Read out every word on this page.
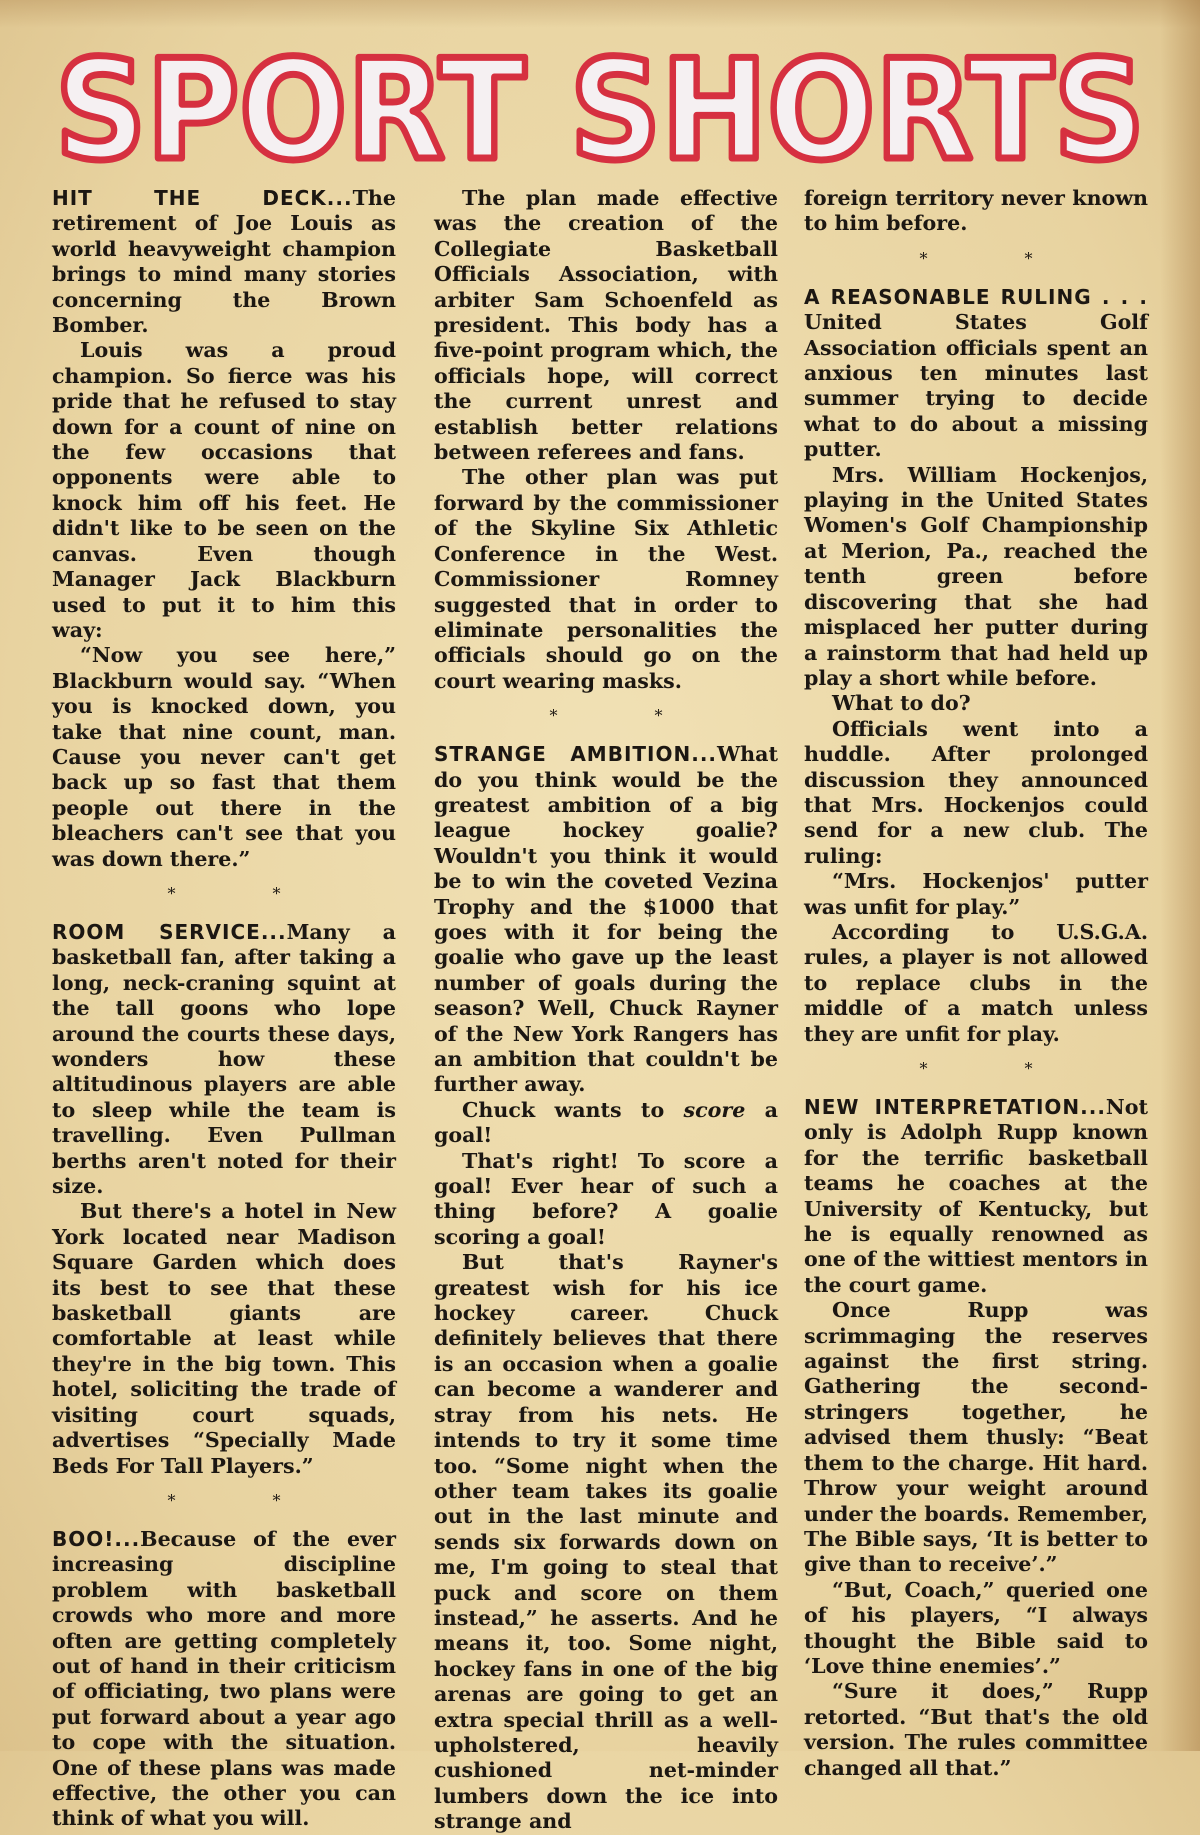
SPORT SHORTS

HIT THE DECK...The retirement of Joe Louis as world heavyweight champion brings to mind many stories concerning the Brown Bomber.

Louis was a proud champion. So fierce was his pride that he refused to stay down for a count of nine on the few occasions that opponents were able to knock him off his feet. He didn't like to be seen on the canvas. Even though Manager Jack Blackburn used to put it to him this way:

“Now you see here,” Blackburn would say. “When you is knocked down, you take that nine count, man. Cause you never can't get back up so fast that them people out there in the bleachers can't see that you was down there.”

* *

ROOM SERVICE...Many a basketball fan, after taking a long, neck-craning squint at the tall goons who lope around the courts these days, wonders how these altitudinous players are able to sleep while the team is travelling. Even Pullman berths aren't noted for their size.

But there's a hotel in New York located near Madison Square Garden which does its best to see that these basketball giants are comfortable at least while they're in the big town. This hotel, soliciting the trade of visiting court squads, advertises “Specially Made Beds For Tall Players.”

* *

BOO!...Because of the ever increasing discipline problem with basketball crowds who more and more often are getting completely out of hand in their criticism of officiating, two plans were put forward about a year ago to cope with the situation. One of these plans was made effective, the other you can think of what you will.

The plan made effective was the creation of the Collegiate Basketball Officials Association, with arbiter Sam Schoenfeld as president. This body has a five-point program which, the officials hope, will correct the current unrest and establish better relations between referees and fans.

The other plan was put forward by the commissioner of the Skyline Six Athletic Conference in the West. Commissioner Romney suggested that in order to eliminate personalities the officials should go on the court wearing masks.

* *

STRANGE AMBITION...What do you think would be the greatest ambition of a big league hockey goalie? Wouldn't you think it would be to win the coveted Vezina Trophy and the $1000 that goes with it for being the goalie who gave up the least number of goals during the season? Well, Chuck Rayner of the New York Rangers has an ambition that couldn't be further away.

Chuck wants to score a goal!

That's right! To score a goal! Ever hear of such a thing before? A goalie scoring a goal!

But that's Rayner's greatest wish for his ice hockey career. Chuck definitely believes that there is an occasion when a goalie can become a wanderer and stray from his nets. He intends to try it some time too. “Some night when the other team takes its goalie out in the last minute and sends six forwards down on me, I'm going to steal that puck and score on them instead,” he asserts. And he means it, too. Some night, hockey fans in one of the big arenas are going to get an extra special thrill as a well-upholstered, heavily cushioned net-minder lumbers down the ice into strange and

foreign territory never known to him before.

* *

A REASONABLE RULING . . . United States Golf Association officials spent an anxious ten minutes last summer trying to decide what to do about a missing putter.

Mrs. William Hockenjos, playing in the United States Women's Golf Championship at Merion, Pa., reached the tenth green before discovering that she had misplaced her putter during a rainstorm that had held up play a short while before.

What to do?

Officials went into a huddle. After prolonged discussion they announced that Mrs. Hockenjos could send for a new club. The ruling:

“Mrs. Hockenjos' putter was unfit for play.”

According to U.S.G.A. rules, a player is not allowed to replace clubs in the middle of a match unless they are unfit for play.

* *

NEW INTERPRETATION...Not only is Adolph Rupp known for the terrific basketball teams he coaches at the University of Kentucky, but he is equally renowned as one of the wittiest mentors in the court game.

Once Rupp was scrimmaging the reserves against the first string. Gathering the second-stringers together, he advised them thusly: “Beat them to the charge. Hit hard. Throw your weight around under the boards. Remember, The Bible says, ‘It is better to give than to receive’.”

“But, Coach,” queried one of his players, “I always thought the Bible said to ‘Love thine enemies’.”

“Sure it does,” Rupp retorted. “But that's the old version. The rules committee changed all that.”
